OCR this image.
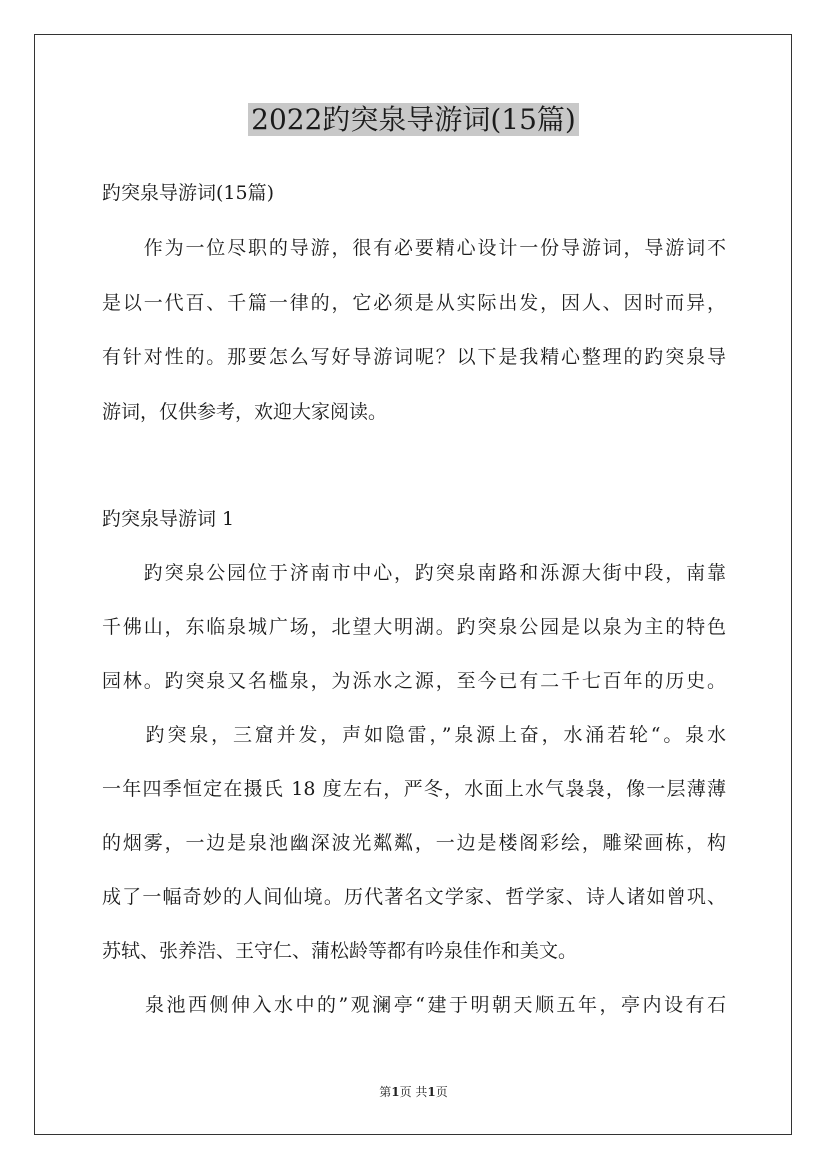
2022趵突泉导游词(15篇)

趵突泉导游词(15篇)

　　作为一位尽职的导游，很有必要精心设计一份导游词，导游词不

是以一代百、千篇一律的，它必须是从实际出发，因人、因时而异，

有针对性的。那要怎么写好导游词呢？以下是我精心整理的趵突泉导

游词，仅供参考，欢迎大家阅读。

趵突泉导游词 1

　　趵突泉公园位于济南市中心，趵突泉南路和泺源大街中段，南靠

千佛山，东临泉城广场，北望大明湖。趵突泉公园是以泉为主的特色

园林。趵突泉又名槛泉，为泺水之源，至今已有二千七百年的历史。

　　趵突泉，三窟并发，声如隐雷，”泉源上奋，水涌若轮“。泉水

一年四季恒定在摄氏 18 度左右，严冬，水面上水气袅袅，像一层薄薄

的烟雾，一边是泉池幽深波光粼粼，一边是楼阁彩绘，雕梁画栋，构

成了一幅奇妙的人间仙境。历代著名文学家、哲学家、诗人诸如曾巩、

苏轼、张养浩、王守仁、蒲松龄等都有吟泉佳作和美文。

　　泉池西侧伸入水中的”观澜亭“建于明朝天顺五年，亭内设有石

第1页 共1页
